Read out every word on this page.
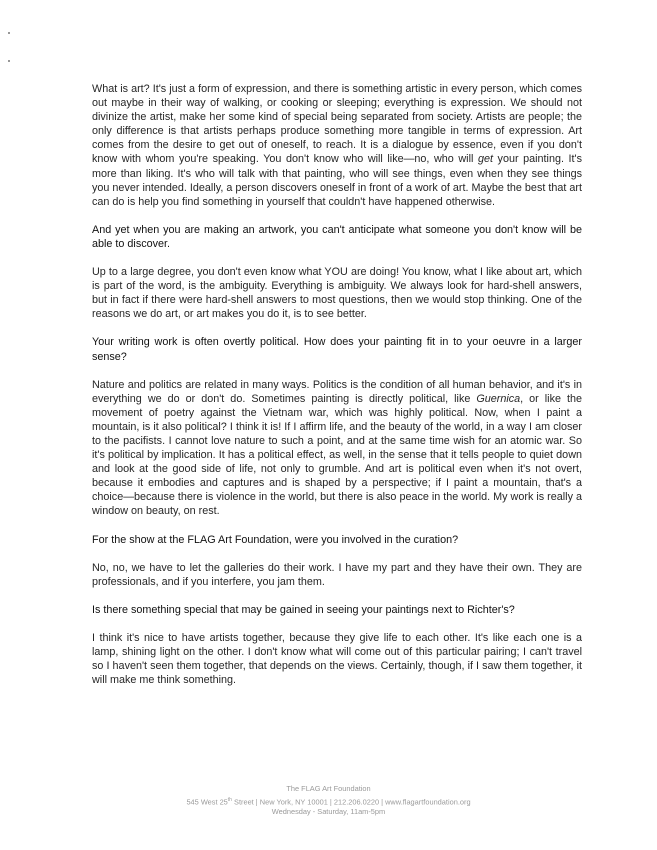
What is art? It's just a form of expression, and there is something artistic in every person, which comes out maybe in their way of walking, or cooking or sleeping; everything is expression. We should not divinize the artist, make her some kind of special being separated from society. Artists are people; the only difference is that artists perhaps produce something more tangible in terms of expression. Art comes from the desire to get out of oneself, to reach. It is a dialogue by essence, even if you don't know with whom you're speaking. You don't know who will like—no, who will get your painting. It's more than liking. It's who will talk with that painting, who will see things, even when they see things you never intended. Ideally, a person discovers oneself in front of a work of art. Maybe the best that art can do is help you find something in yourself that couldn't have happened otherwise.

And yet when you are making an artwork, you can't anticipate what someone you don't know will be able to discover.

Up to a large degree, you don't even know what YOU are doing! You know, what I like about art, which is part of the word, is the ambiguity. Everything is ambiguity. We always look for hard-shell answers, but in fact if there were hard-shell answers to most questions, then we would stop thinking. One of the reasons we do art, or art makes you do it, is to see better.

Your writing work is often overtly political. How does your painting fit in to your oeuvre in a larger sense?

Nature and politics are related in many ways. Politics is the condition of all human behavior, and it's in everything we do or don't do. Sometimes painting is directly political, like Guernica, or like the movement of poetry against the Vietnam war, which was highly political. Now, when I paint a mountain, is it also political? I think it is! If I affirm life, and the beauty of the world, in a way I am closer to the pacifists. I cannot love nature to such a point, and at the same time wish for an atomic war. So it's political by implication. It has a political effect, as well, in the sense that it tells people to quiet down and look at the good side of life, not only to grumble. And art is political even when it's not overt, because it embodies and captures and is shaped by a perspective; if I paint a mountain, that's a choice—because there is violence in the world, but there is also peace in the world. My work is really a window on beauty, on rest.

For the show at the FLAG Art Foundation, were you involved in the curation?

No, no, we have to let the galleries do their work. I have my part and they have their own. They are professionals, and if you interfere, you jam them.

Is there something special that may be gained in seeing your paintings next to Richter's?

I think it's nice to have artists together, because they give life to each other. It's like each one is a lamp, shining light on the other. I don't know what will come out of this particular pairing; I can't travel so I haven't seen them together, that depends on the views. Certainly, though, if I saw them together, it will make me think something.

The FLAG Art Foundation
545 West 25th Street | New York, NY 10001 | 212.206.0220 | www.flagartfoundation.org
Wednesday - Saturday, 11am-5pm
